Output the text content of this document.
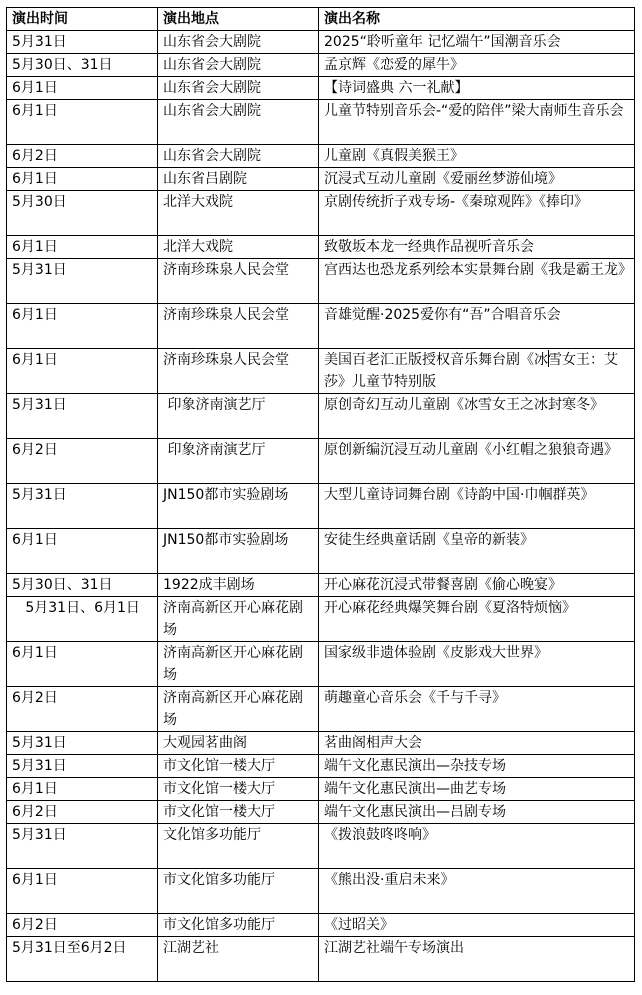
演出时间	演出地点	演出名称
5月31日	山东省会大剧院	2025“聆听童年 记忆端午”国潮音乐会
5月30日、31日	山东省会大剧院	孟京辉《恋爱的犀牛》
6月1日	山东省会大剧院	【诗词盛典 六一礼献】
6月1日	山东省会大剧院	儿童节特别音乐会-“爱的陪伴”梁大南师生音乐会
6月2日	山东省会大剧院	儿童剧《真假美猴王》
6月1日	山东省吕剧院	沉浸式互动儿童剧《爱丽丝梦游仙境》
5月30日	北洋大戏院	京剧传统折子戏专场-《秦琼观阵》《捧印》
6月1日	北洋大戏院	致敬坂本龙一经典作品视听音乐会
5月31日	济南珍珠泉人民会堂	宫西达也恐龙系列绘本实景舞台剧《我是霸王龙》
6月1日	济南珍珠泉人民会堂	音雄觉醒·2025爱你有“吾”合唱音乐会
6月1日	济南珍珠泉人民会堂	美国百老汇正版授权音乐舞台剧《冰雪女王：艾莎》儿童节特别版
5月31日	印象济南演艺厅	原创奇幻互动儿童剧《冰雪女王之冰封寒冬》
6月2日	印象济南演艺厅	原创新编沉浸互动儿童剧《小红帽之狼狼奇遇》
5月31日	JN150都市实验剧场	大型儿童诗词舞台剧《诗韵中国·巾帼群英》
6月1日	JN150都市实验剧场	安徒生经典童话剧《皇帝的新装》
5月30日、31日	1922成丰剧场	开心麻花沉浸式带餐喜剧《偷心晚宴》
5月31日、6月1日	济南高新区开心麻花剧场	开心麻花经典爆笑舞台剧《夏洛特烦恼》
6月1日	济南高新区开心麻花剧场	国家级非遗体验剧《皮影戏大世界》
6月2日	济南高新区开心麻花剧场	萌趣童心音乐会《千与千寻》
5月31日	大观园茗曲阁	茗曲阁相声大会
5月31日	市文化馆一楼大厅	端午文化惠民演出—杂技专场
6月1日	市文化馆一楼大厅	端午文化惠民演出—曲艺专场
6月2日	市文化馆一楼大厅	端午文化惠民演出—吕剧专场
5月31日	文化馆多功能厅	《拨浪鼓咚咚响》
6月1日	市文化馆多功能厅	《熊出没·重启未来》
6月2日	市文化馆多功能厅	《过昭关》
5月31日至6月2日	江湖艺社	江湖艺社端午专场演出
